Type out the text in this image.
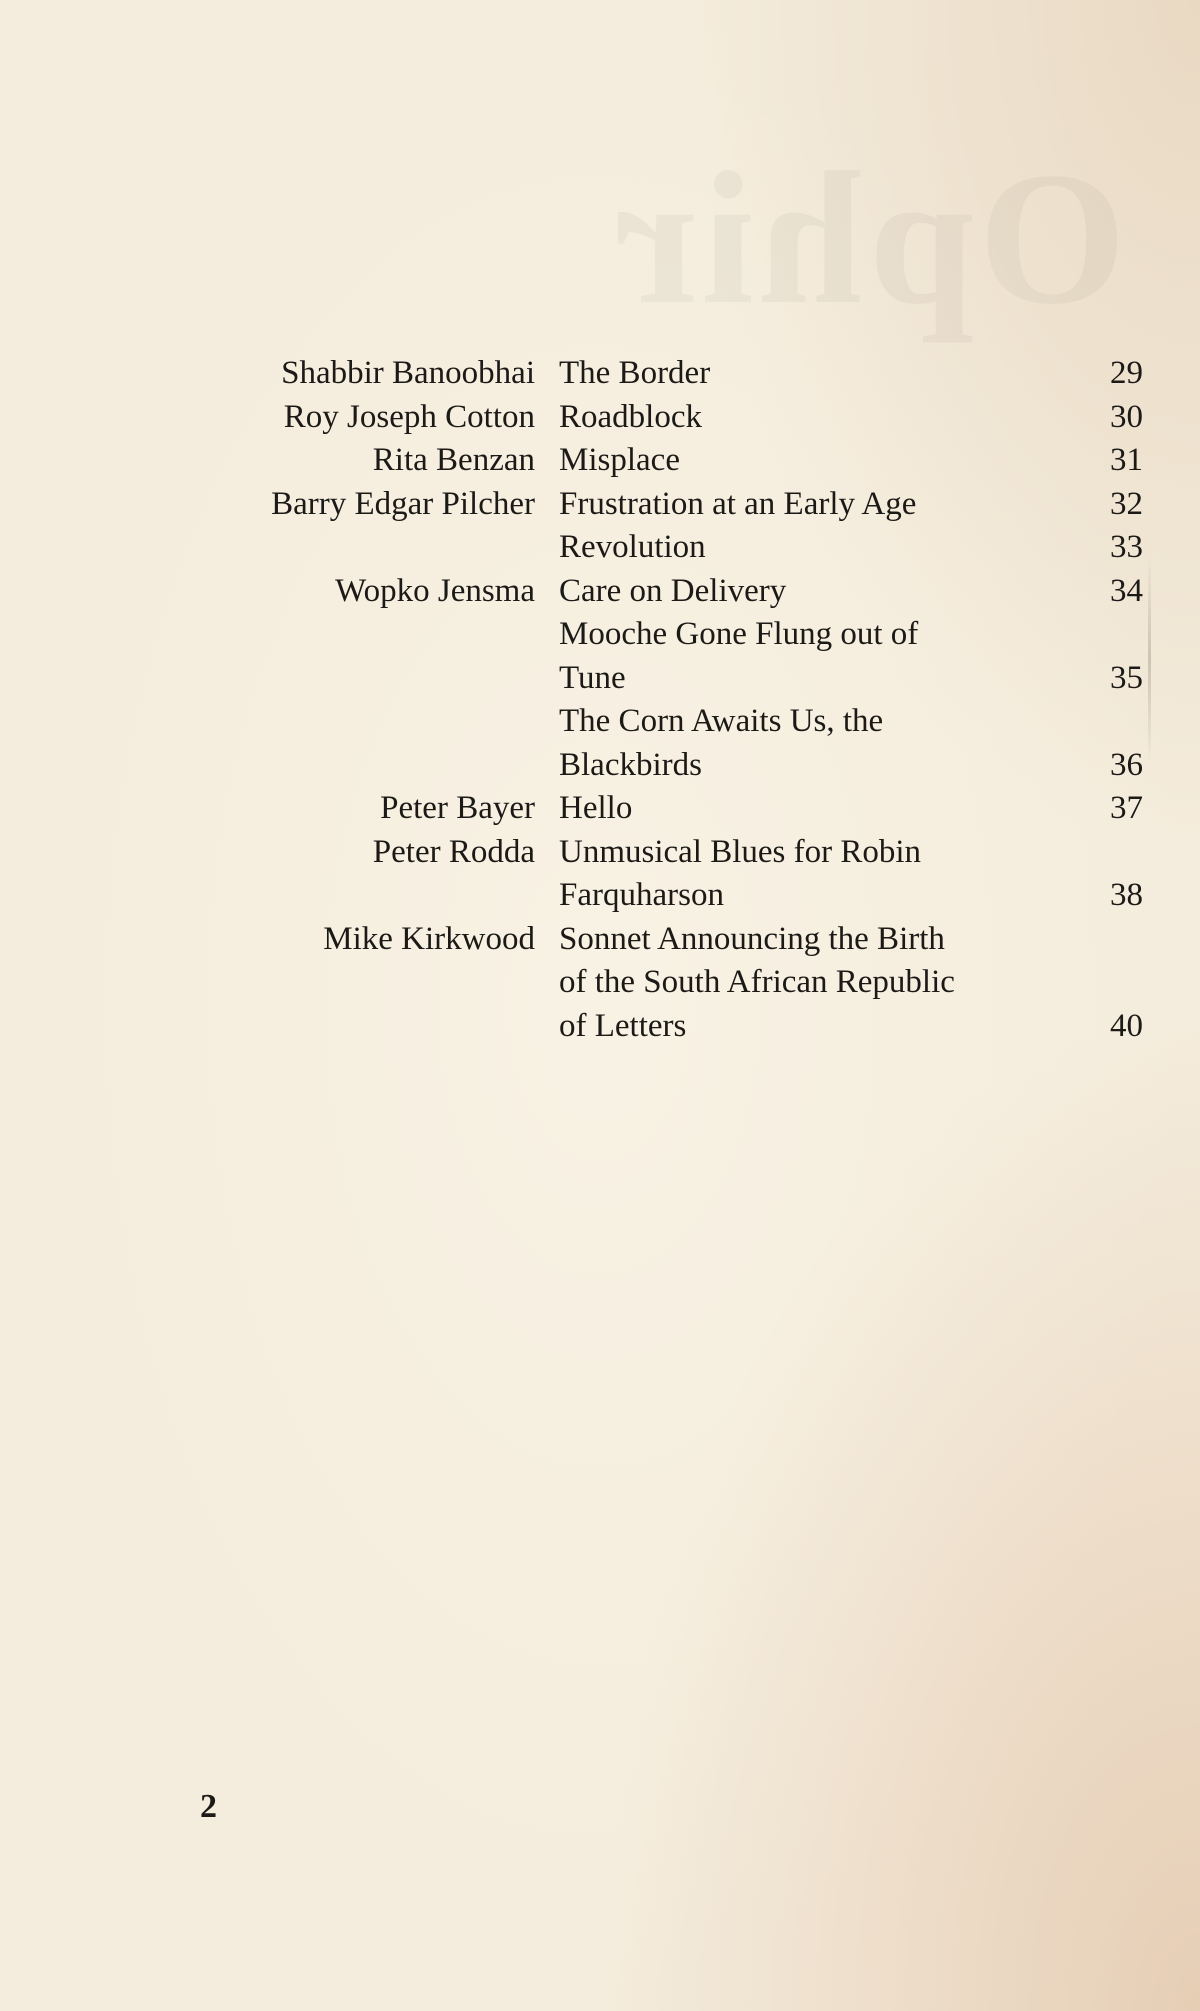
Ophir
Shabbir Banoobhai The Border	29
Roy Joseph Cotton Roadblock	30
Rita Benzan Misplace	31
Barry Edgar Pilcher Frustration at an Early Age	32
Revolution	33
Wopko Jensma Care on Delivery	34
Mooche Gone Flung out of
Tune
	35
The Corn Awaits Us, the
Blackbirds
	36
Peter Bayer Hello	37
Peter Rodda Unmusical Blues for Robin
Farquharson
	38
Mike Kirkwood Sonnet Announcing the Birth
of the South African Republic
of Letters

	40
2
